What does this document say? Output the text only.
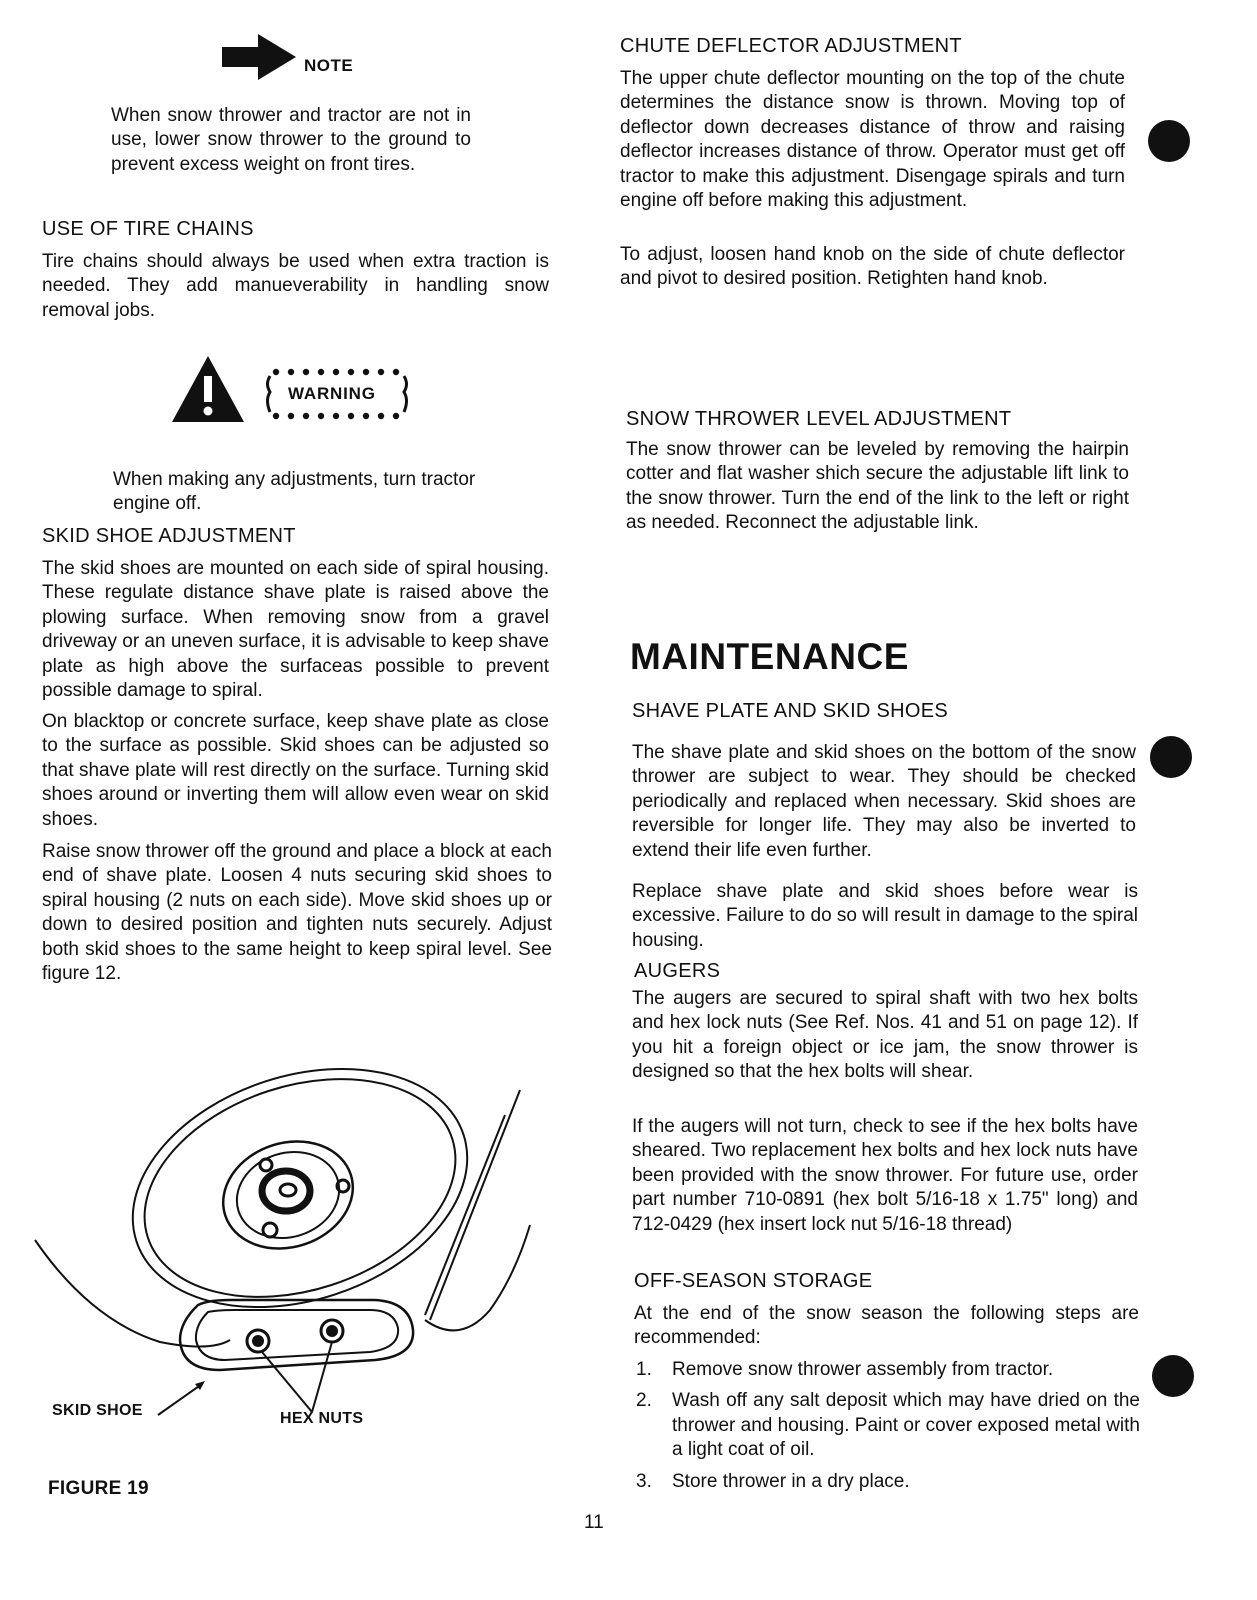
NOTE

When snow thrower and tractor are not in use, lower snow thrower to the ground to prevent excess weight on front tires.

USE OF TIRE CHAINS

Tire chains should always be used when extra traction is needed. They add manueverability in handling snow removal jobs.

WARNING

When making any adjustments, turn tractor engine off.

SKID SHOE ADJUSTMENT

The skid shoes are mounted on each side of spiral housing. These regulate distance shave plate is raised above the plowing surface. When removing snow from a gravel driveway or an uneven surface, it is advisable to keep shave plate as high above the surfaceas possible to prevent possible damage to spiral.

On blacktop or concrete surface, keep shave plate as close to the surface as possible. Skid shoes can be adjusted so that shave plate will rest directly on the surface. Turning skid shoes around or inverting them will allow even wear on skid shoes.

Raise snow thrower off the ground and place a block at each end of shave plate. Loosen 4 nuts securing skid shoes to spiral housing (2 nuts on each side). Move skid shoes up or down to desired position and tighten nuts securely. Adjust both skid shoes to the same height to keep spiral level. See figure 12.

SKID SHOE	HEX NUTS
FIGURE 19
CHUTE DEFLECTOR ADJUSTMENT

The upper chute deflector mounting on the top of the chute determines the distance snow is thrown. Moving top of deflector down decreases distance of throw and raising deflector increases distance of throw. Operator must get off tractor to make this adjustment. Disengage spirals and turn engine off before making this adjustment.

To adjust, loosen hand knob on the side of chute deflector and pivot to desired position. Retighten hand knob.

SNOW THROWER LEVEL ADJUSTMENT

The snow thrower can be leveled by removing the hairpin cotter and flat washer shich secure the adjustable lift link to the snow thrower. Turn the end of the link to the left or right as needed. Reconnect the adjustable link.

MAINTENANCE
SHAVE PLATE AND SKID SHOES

The shave plate and skid shoes on the bottom of the snow thrower are subject to wear. They should be checked periodically and replaced when necessary. Skid shoes are reversible for longer life. They may also be inverted to extend their life even further.

Replace shave plate and skid shoes before wear is excessive. Failure to do so will result in damage to the spiral housing.

AUGERS

The augers are secured to spiral shaft with two hex bolts and hex lock nuts (See Ref. Nos. 41 and 51 on page 12). If you hit a foreign object or ice jam, the snow thrower is designed so that the hex bolts will shear.

If the augers will not turn, check to see if the hex bolts have sheared. Two replacement hex bolts and hex lock nuts have been provided with the snow thrower. For future use, order part number 710-0891 (hex bolt 5/16-18 x 1.75" long) and 712-0429 (hex insert lock nut 5/16-18 thread)

OFF-SEASON STORAGE

At the end of the snow season the following steps are recommended:

1. Remove snow thrower assembly from tractor.
2. Wash off any salt deposit which may have dried on the thrower and housing. Paint or cover exposed metal with a light coat of oil.
3. Store thrower in a dry place.
11
